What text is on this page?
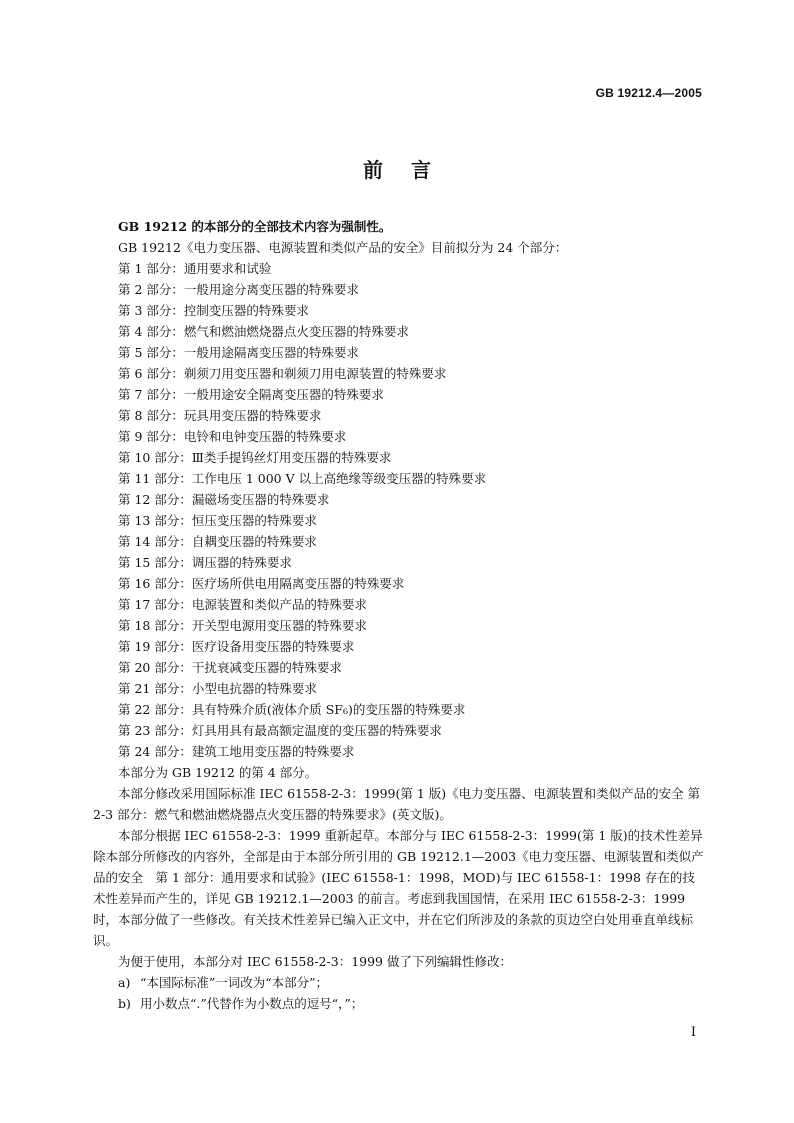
GB 19212.4—2005
前言

GB 19212 的本部分的全部技术内容为强制性。

GB 19212《电力变压器、电源装置和类似产品的安全》目前拟分为 24 个部分：

第 1 部分：通用要求和试验

第 2 部分：一般用途分离变压器的特殊要求

第 3 部分：控制变压器的特殊要求

第 4 部分：燃气和燃油燃烧器点火变压器的特殊要求

第 5 部分：一般用途隔离变压器的特殊要求

第 6 部分：剃须刀用变压器和剃须刀用电源装置的特殊要求

第 7 部分：一般用途安全隔离变压器的特殊要求

第 8 部分：玩具用变压器的特殊要求

第 9 部分：电铃和电钟变压器的特殊要求

第 10 部分：Ⅲ类手提钨丝灯用变压器的特殊要求

第 11 部分：工作电压 1 000 V 以上高绝缘等级变压器的特殊要求

第 12 部分：漏磁场变压器的特殊要求

第 13 部分：恒压变压器的特殊要求

第 14 部分：自耦变压器的特殊要求

第 15 部分：调压器的特殊要求

第 16 部分：医疗场所供电用隔离变压器的特殊要求

第 17 部分：电源装置和类似产品的特殊要求

第 18 部分：开关型电源用变压器的特殊要求

第 19 部分：医疗设备用变压器的特殊要求

第 20 部分：干扰衰减变压器的特殊要求

第 21 部分：小型电抗器的特殊要求

第 22 部分：具有特殊介质(液体介质 SF₆)的变压器的特殊要求

第 23 部分：灯具用具有最高额定温度的变压器的特殊要求

第 24 部分：建筑工地用变压器的特殊要求

本部分为 GB 19212 的第 4 部分。

本部分修改采用国际标准 IEC 61558-2-3：1999(第 1 版)《电力变压器、电源装置和类似产品的安全 第 2-3 部分：燃气和燃油燃烧器点火变压器的特殊要求》(英文版)。

本部分根据 IEC 61558-2-3：1999 重新起草。本部分与 IEC 61558-2-3：1999(第 1 版)的技术性差异除本部分所修改的内容外，全部是由于本部分所引用的 GB 19212.1—2003《电力变压器、电源装置和类似产品的安全　第 1 部分：通用要求和试验》(IEC 61558-1：1998，MOD)与 IEC 61558-1：1998 存在的技术性差异而产生的，详见 GB 19212.1—2003 的前言。考虑到我国国情，在采用 IEC 61558-2-3：1999 时，本部分做了一些修改。有关技术性差异已编入正文中，并在它们所涉及的条款的页边空白处用垂直单线标识。

为便于使用，本部分对 IEC 61558-2-3：1999 做了下列编辑性修改：

a) “本国际标准”一词改为“本部分”；

b) 用小数点“.”代替作为小数点的逗号“，”；

I
